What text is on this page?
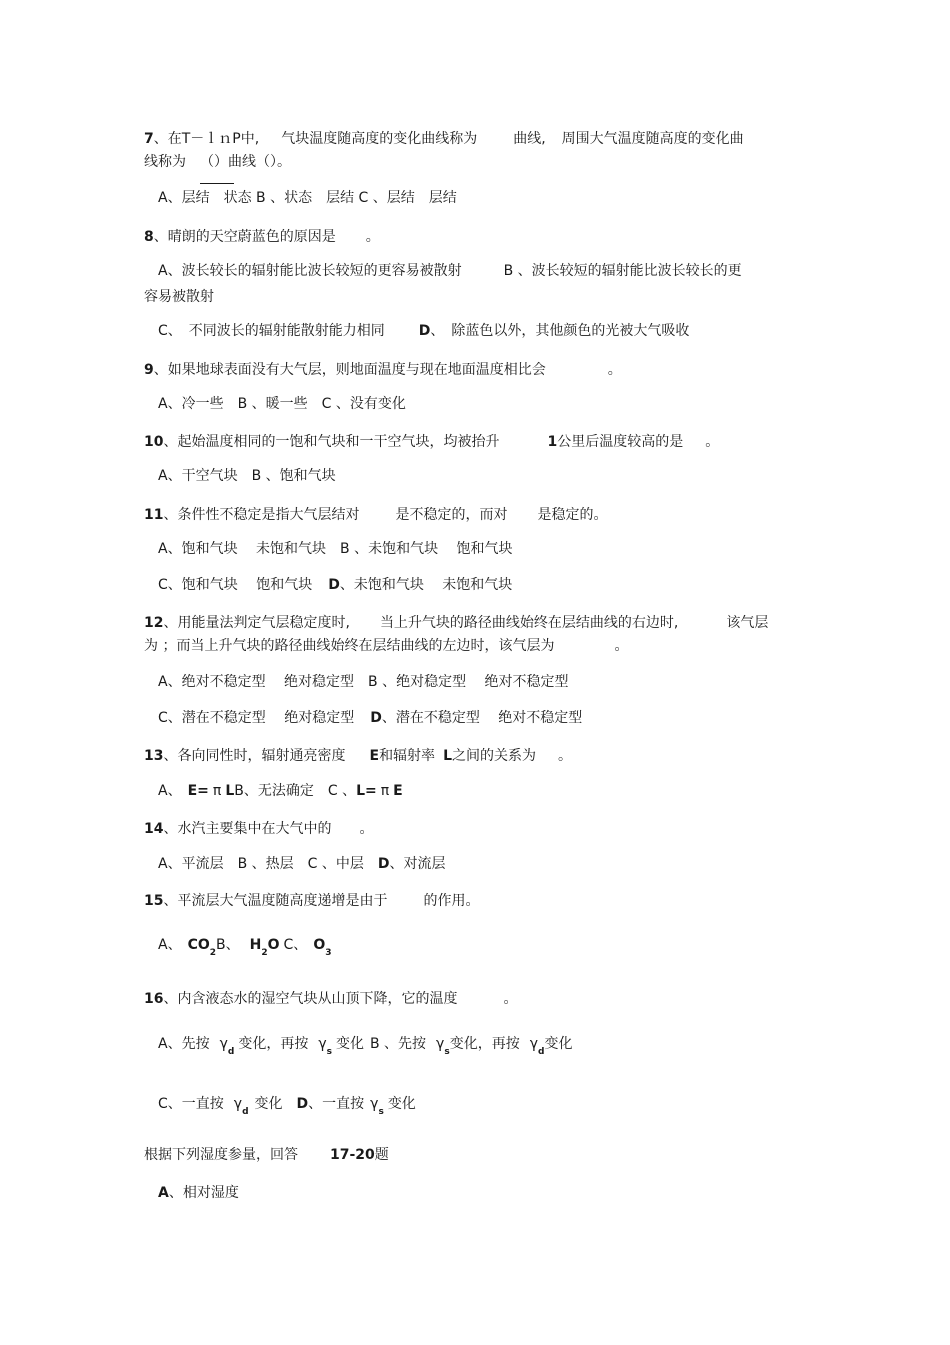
7、在T－ｌｎP中, 气块温度随高度的变化曲线称为	曲线, 周围大气温度随高度的变化曲
线称为 （）曲线（）。
A、层结　状态 B 、状态　层结 C 、层结　层结
8、晴朗的天空蔚蓝色的原因是 。
A、波长较长的辐射能比波长较短的更容易被散射	B 、波长较短的辐射能比波长较长的更
容易被散射
C、　不同波长的辐射能散射能力相同 D、　除蓝色以外，其他颜色的光被大气吸收
9、如果地球表面没有大气层，则地面温度与现在地面温度相比会	。
A、冷一些　B 、暖一些　C 、没有变化
10、起始温度相同的一饱和气块和一干空气块，均被抬升	1公里后温度较高的是 。
A、干空气块　B 、饱和气块
11、条件性不稳定是指大气层结对	是不稳定的，而对 是稳定的。
A、饱和气块　 未饱和气块　B 、未饱和气块　 饱和气块
C、饱和气块　 饱和气块 D、未饱和气块　 未饱和气块
12、用能量法判定气层稳定度时, 当上升气块的路径曲线始终在层结曲线的右边时,	该气层
为 ；而当上升气块的路径曲线始终在层结曲线的左边时，该气层为	。
A、绝对不稳定型　 绝对稳定型　B 、绝对稳定型　 绝对不稳定型
C、潜在不稳定型　 绝对稳定型 D、潜在不稳定型　 绝对不稳定型
13、各向同性时，辐射通亮密度 E和辐射率 L之间的关系为 。
A、 E= π LB、无法确定　C 、L= π E
14、水汽主要集中在大气中的 。
A、平流层　B 、热层　C 、中层 D、对流层
15、平流层大气温度随高度递增是由于	的作用。
A、 $CO_2B$、 $H_2O$ C、 $O_3$
16、内含液态水的湿空气块从山顶下降，它的温度	。
A、先按 $\gamma_d$ 变化，再按 $\gamma_s$ 变化 B 、先按 $\gamma_s$变化，再按 $\gamma_d$变化
C、一直按 $\gamma_d$ 变化 D、一直按 $\gamma_s$ 变化
根据下列湿度参量，回答 17-20题
A、相对湿度
